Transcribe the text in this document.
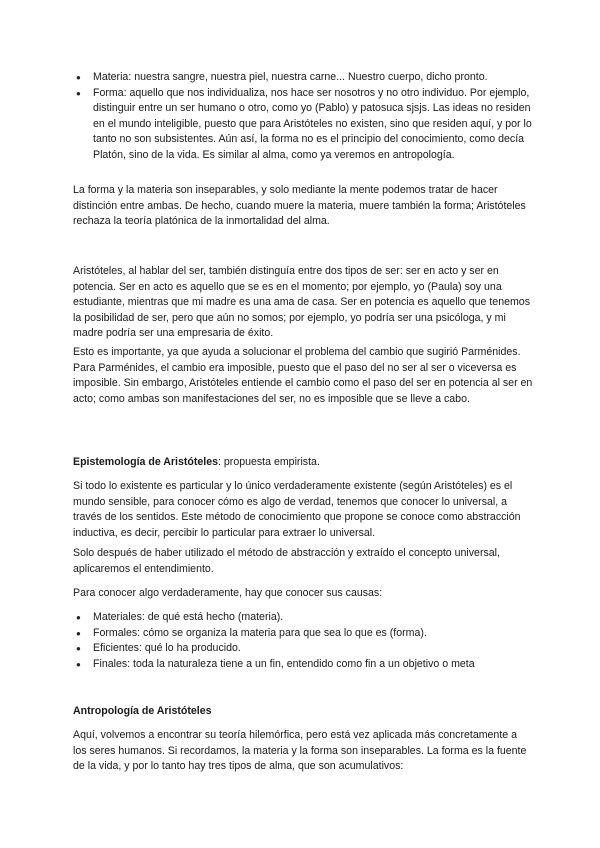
● Materia: nuestra sangre, nuestra piel, nuestra carne... Nuestro cuerpo, dicho pronto.
● Forma: aquello que nos individualiza, nos hace ser nosotros y no otro individuo. Por ejemplo, distinguir entre un ser humano o otro, como yo (Pablo) y patosuca sjsjs. Las ideas no residen en el mundo inteligible, puesto que para Aristóteles no existen, sino que residen aquí, y por lo tanto no son subsistentes. Aún así, la forma no es el principio del conocimiento, como decía Platón, sino de la vida. Es similar al alma, como ya veremos en antropología.

La forma y la materia son inseparables, y solo mediante la mente podemos tratar de hacer distinción entre ambas. De hecho, cuando muere la materia, muere también la forma; Aristóteles rechaza la teoría platónica de la inmortalidad del alma.

Aristóteles, al hablar del ser, también distinguía entre dos tipos de ser: ser en acto y ser en potencia. Ser en acto es aquello que se es en el momento; por ejemplo, yo (Paula) soy una estudiante, mientras que mi madre es una ama de casa. Ser en potencia es aquello que tenemos la posibilidad de ser, pero que aún no somos; por ejemplo, yo podría ser una psicóloga, y mi madre podría ser una empresaria de éxito.

Esto es importante, ya que ayuda a solucionar el problema del cambio que sugirió Parménides. Para Parménides, el cambio era imposible, puesto que el paso del no ser al ser o viceversa es imposible. Sin embargo, Aristóteles entiende el cambio como el paso del ser en potencia al ser en acto; como ambas son manifestaciones del ser, no es imposible que se lleve a cabo.

Epistemología de Aristóteles: propuesta empirista.

Si todo lo existente es particular y lo único verdaderamente existente (según Aristóteles) es el mundo sensible, para conocer cómo es algo de verdad, tenemos que conocer lo universal, a través de los sentidos. Este método de conocimiento que propone se conoce como abstracción inductiva, es decir, percibir lo particular para extraer lo universal.

Solo después de haber utilizado el método de abstracción y extraído el concepto universal, aplicaremos el entendimiento.

Para conocer algo verdaderamente, hay que conocer sus causas:

● Materiales: de qué está hecho (materia).
● Formales: cómo se organiza la materia para que sea lo que es (forma).
● Eficientes: qué lo ha producido.
● Finales: toda la naturaleza tiene a un fin, entendido como fin a un objetivo o meta

Antropología de Aristóteles

Aquí, volvemos a encontrar su teoría hilemórfica, pero está vez aplicada más concretamente a los seres humanos. Si recordamos, la materia y la forma son inseparables. La forma es la fuente de la vida, y por lo tanto hay tres tipos de alma, que son acumulativos:
